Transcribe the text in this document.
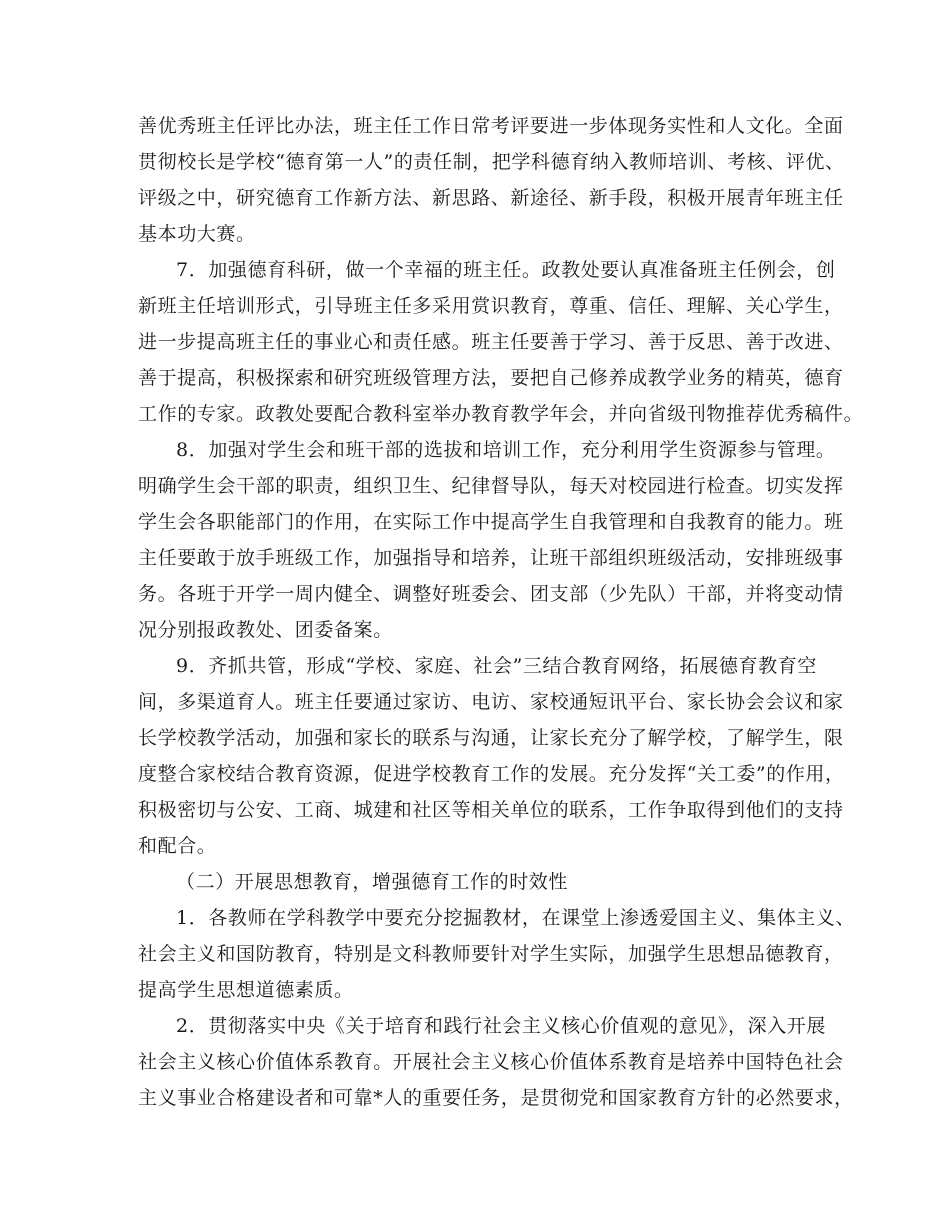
善优秀班主任评比办法，班主任工作日常考评要进一步体现务实性和人文化。全面
贯彻校长是学校“德育第一人”的责任制，把学科德育纳入教师培训、考核、评优、
评级之中，研究德育工作新方法、新思路、新途径、新手段，积极开展青年班主任
基本功大赛。
7．加强德育科研，做一个幸福的班主任。政教处要认真准备班主任例会，创
新班主任培训形式，引导班主任多采用赏识教育，尊重、信任、理解、关心学生，
进一步提高班主任的事业心和责任感。班主任要善于学习、善于反思、善于改进、
善于提高，积极探索和研究班级管理方法，要把自己修养成教学业务的精英，德育
工作的专家。政教处要配合教科室举办教育教学年会，并向省级刊物推荐优秀稿件。
8．加强对学生会和班干部的选拔和培训工作，充分利用学生资源参与管理。
明确学生会干部的职责，组织卫生、纪律督导队，每天对校园进行检查。切实发挥
学生会各职能部门的作用，在实际工作中提高学生自我管理和自我教育的能力。班
主任要敢于放手班级工作，加强指导和培养，让班干部组织班级活动，安排班级事
务。各班于开学一周内健全、调整好班委会、团支部（少先队）干部，并将变动情
况分别报政教处、团委备案。
9．齐抓共管，形成“学校、家庭、社会”三结合教育网络，拓展德育教育空
间，多渠道育人。班主任要通过家访、电访、家校通短讯平台、家长协会会议和家
长学校教学活动，加强和家长的联系与沟通，让家长充分了解学校，了解学生，限
度整合家校结合教育资源，促进学校教育工作的发展。充分发挥“关工委”的作用，
积极密切与公安、工商、城建和社区等相关单位的联系，工作争取得到他们的支持
和配合。
（二）开展思想教育，增强德育工作的时效性
1．各教师在学科教学中要充分挖掘教材，在课堂上渗透爱国主义、集体主义、
社会主义和国防教育，特别是文科教师要针对学生实际，加强学生思想品德教育，
提高学生思想道德素质。
2．贯彻落实中央《关于培育和践行社会主义核心价值观的意见》，深入开展
社会主义核心价值体系教育。开展社会主义核心价值体系教育是培养中国特色社会
主义事业合格建设者和可靠*人的重要任务，是贯彻党和国家教育方针的必然要求，
